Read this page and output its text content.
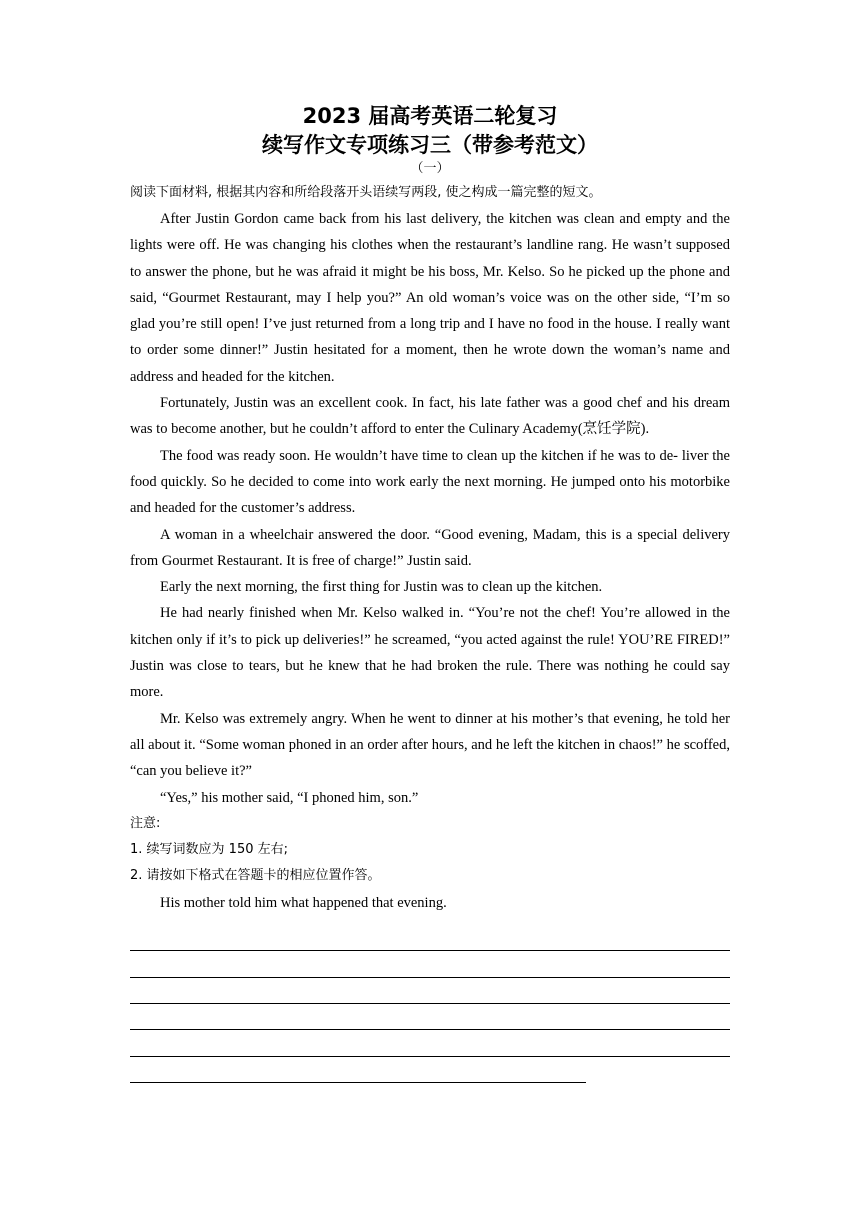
2023 届高考英语二轮复习
续写作文专项练习三（带参考范文）

（一）

阅读下面材料, 根据其内容和所给段落开头语续写两段, 使之构成一篇完整的短文。

After Justin Gordon came back from his last delivery, the kitchen was clean and empty and the lights were off. He was changing his clothes when the restaurant’s landline rang. He wasn’t supposed to answer the phone, but he was afraid it might be his boss, Mr. Kelso. So he picked up the phone and said, “Gourmet Restaurant, may I help you?” An old woman’s voice was on the other side, “I’m so glad you’re still open! I’ve just returned from a long trip and I have no food in the house. I really want to order some dinner!” Justin hesitated for a moment, then he wrote down the woman’s name and address and headed for the kitchen.

Fortunately, Justin was an excellent cook. In fact, his late father was a good chef and his dream was to become another, but he couldn’t afford to enter the Culinary Academy(烹饪学院).

The food was ready soon. He wouldn’t have time to clean up the kitchen if he was to de- liver the food quickly. So he decided to come into work early the next morning. He jumped onto his motorbike and headed for the customer’s address.

A woman in a wheelchair answered the door. “Good evening, Madam, this is a special delivery from Gourmet Restaurant. It is free of charge!” Justin said.

Early the next morning, the first thing for Justin was to clean up the kitchen.

He had nearly finished when Mr. Kelso walked in. “You’re not the chef! You’re allowed in the kitchen only if it’s to pick up deliveries!” he screamed, “you acted against the rule! YOU’RE FIRED!” Justin was close to tears, but he knew that he had broken the rule. There was nothing he could say more.

Mr. Kelso was extremely angry. When he went to dinner at his mother’s that evening, he told her all about it. “Some woman phoned in an order after hours, and he left the kitchen in chaos!” he scoffed, “can you believe it?”

“Yes,” his mother said, “I phoned him, son.”

注意:

1. 续写词数应为 150 左右;

2. 请按如下格式在答题卡的相应位置作答。

His mother told him what happened that evening.
